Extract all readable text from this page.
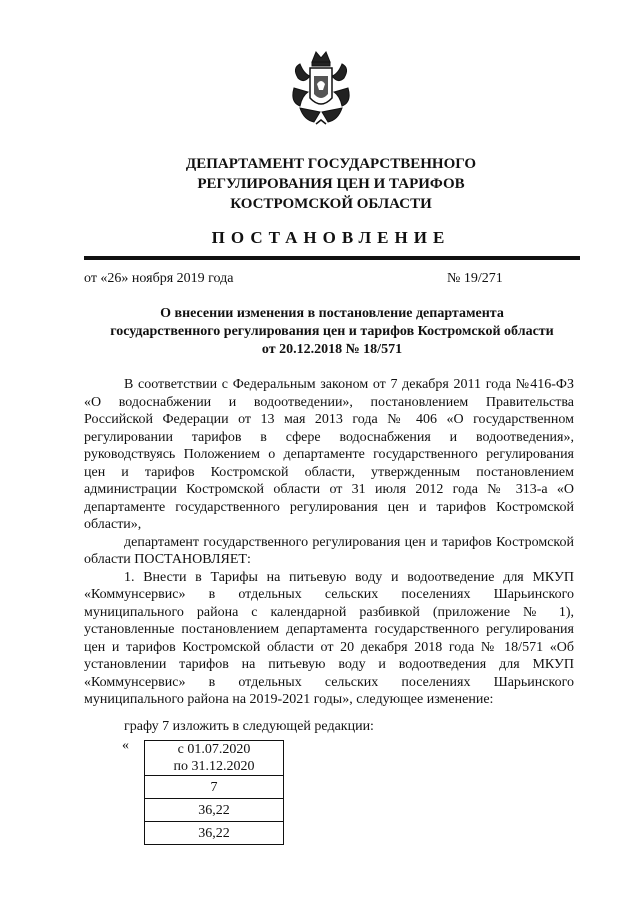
ДЕПАРТАМЕНТ ГОСУДАРСТВЕННОГО
РЕГУЛИРОВАНИЯ ЦЕН И ТАРИФОВ
КОСТРОМСКОЙ ОБЛАСТИ
ПОСТАНОВЛЕНИЕ
от «26» ноября 2019 года	№ 19/271
О внесении изменения в постановление департамента
государственного регулирования цен и тарифов Костромской области
от 20.12.2018 № 18/571

В соответствии с Федеральным законом от 7 декабря 2011 года №416-ФЗ «О водоснабжении и водоотведении», постановлением Правительства Российской Федерации от 13 мая 2013 года № 406 «О государственном регулировании тарифов в сфере водоснабжения и водоотведения», руководствуясь Положением о департаменте государственного регулирования цен и тарифов Костромской области, утвержденным постановлением администрации Костромской области от 31 июля 2012 года № 313-а «О департаменте государственного регулирования цен и тарифов Костромской области»,

департамент государственного регулирования цен и тарифов Костромской области ПОСТАНОВЛЯЕТ:

1. Внести в Тарифы на питьевую воду и водоотведение для МКУП «Коммунсервис» в отдельных сельских поселениях Шарьинского муниципального района с календарной разбивкой (приложение № 1), установленные постановлением департамента государственного регулирования цен и тарифов Костромской области от 20 декабря 2018 года № 18/571 «Об установлении тарифов на питьевую воду и водоотведения для МКУП «Коммунсервис» в отдельных сельских поселениях Шарьинского муниципального района на 2019-2021 годы», следующее изменение:

графу 7 изложить в следующей редакции:
«	с 01.07.2020
по 31.12.2020

7
36,22
36,22
